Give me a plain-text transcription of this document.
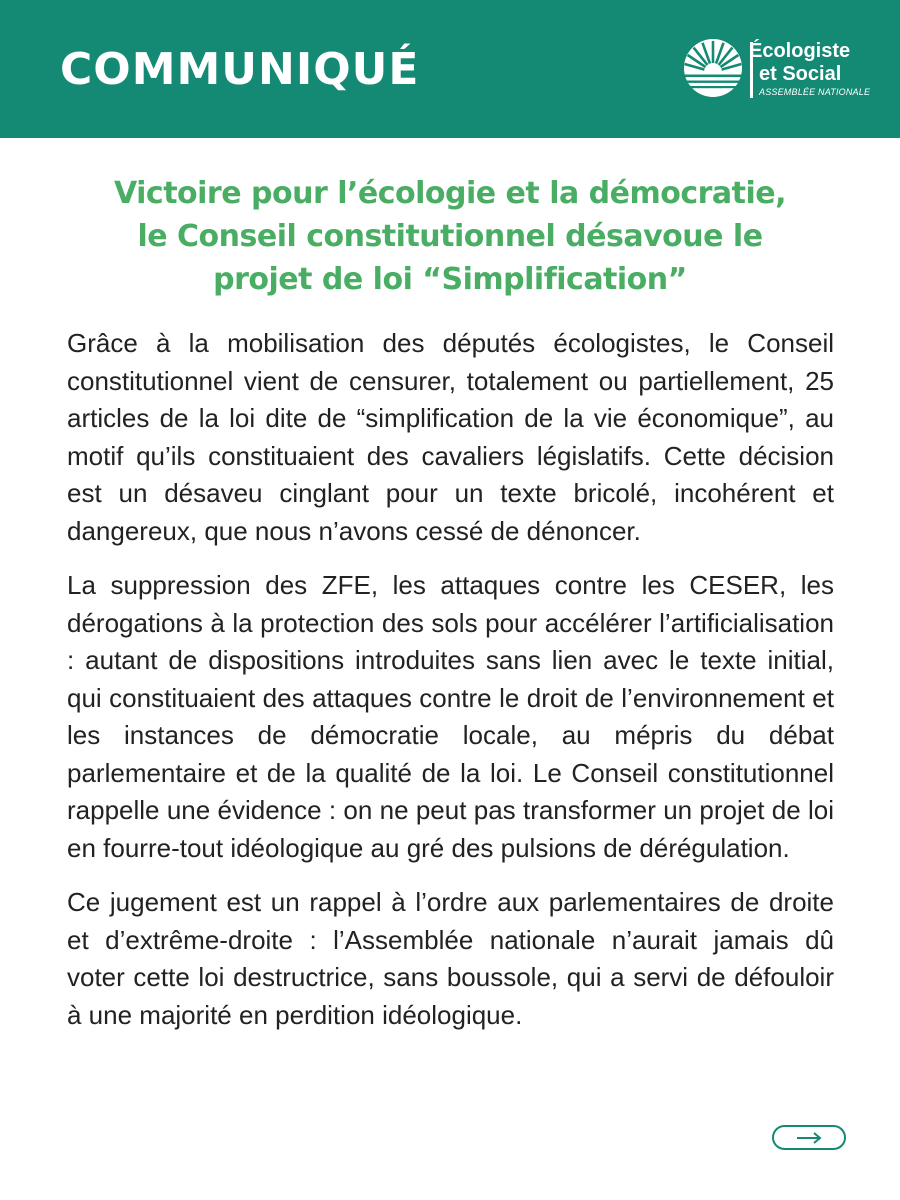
COMMUNIQUÉ	Écologiste
et Social
ASSEMBLÉE NATIONALE
Victoire pour l’écologie et la démocratie,
le Conseil constitutionnel désavoue le
projet de loi “Simplification”

Grâce à la mobilisation des députés écologistes, le Conseil constitutionnel vient de censurer, totalement ou partiellement, 25 articles de la loi dite de “simplification de la vie économique”, au motif qu’ils constituaient des cavaliers législatifs. Cette décision est un désaveu cinglant pour un texte bricolé, incohérent et dangereux, que nous n’avons cessé de dénoncer.

La suppression des ZFE, les attaques contre les CESER, les dérogations à la protection des sols pour accélérer l’artificialisation : autant de dispositions introduites sans lien avec le texte initial, qui constituaient des attaques contre le droit de l’environnement et les instances de démocratie locale, au mépris du débat parlementaire et de la qualité de la loi. Le Conseil constitutionnel rappelle une évidence : on ne peut pas transformer un projet de loi en fourre-tout idéologique au gré des pulsions de dérégulation.

Ce jugement est un rappel à l’ordre aux parlementaires de droite et d’extrême-droite : l’Assemblée nationale n’aurait jamais dû voter cette loi destructrice, sans boussole, qui a servi de défouloir à une majorité en perdition idéologique.
